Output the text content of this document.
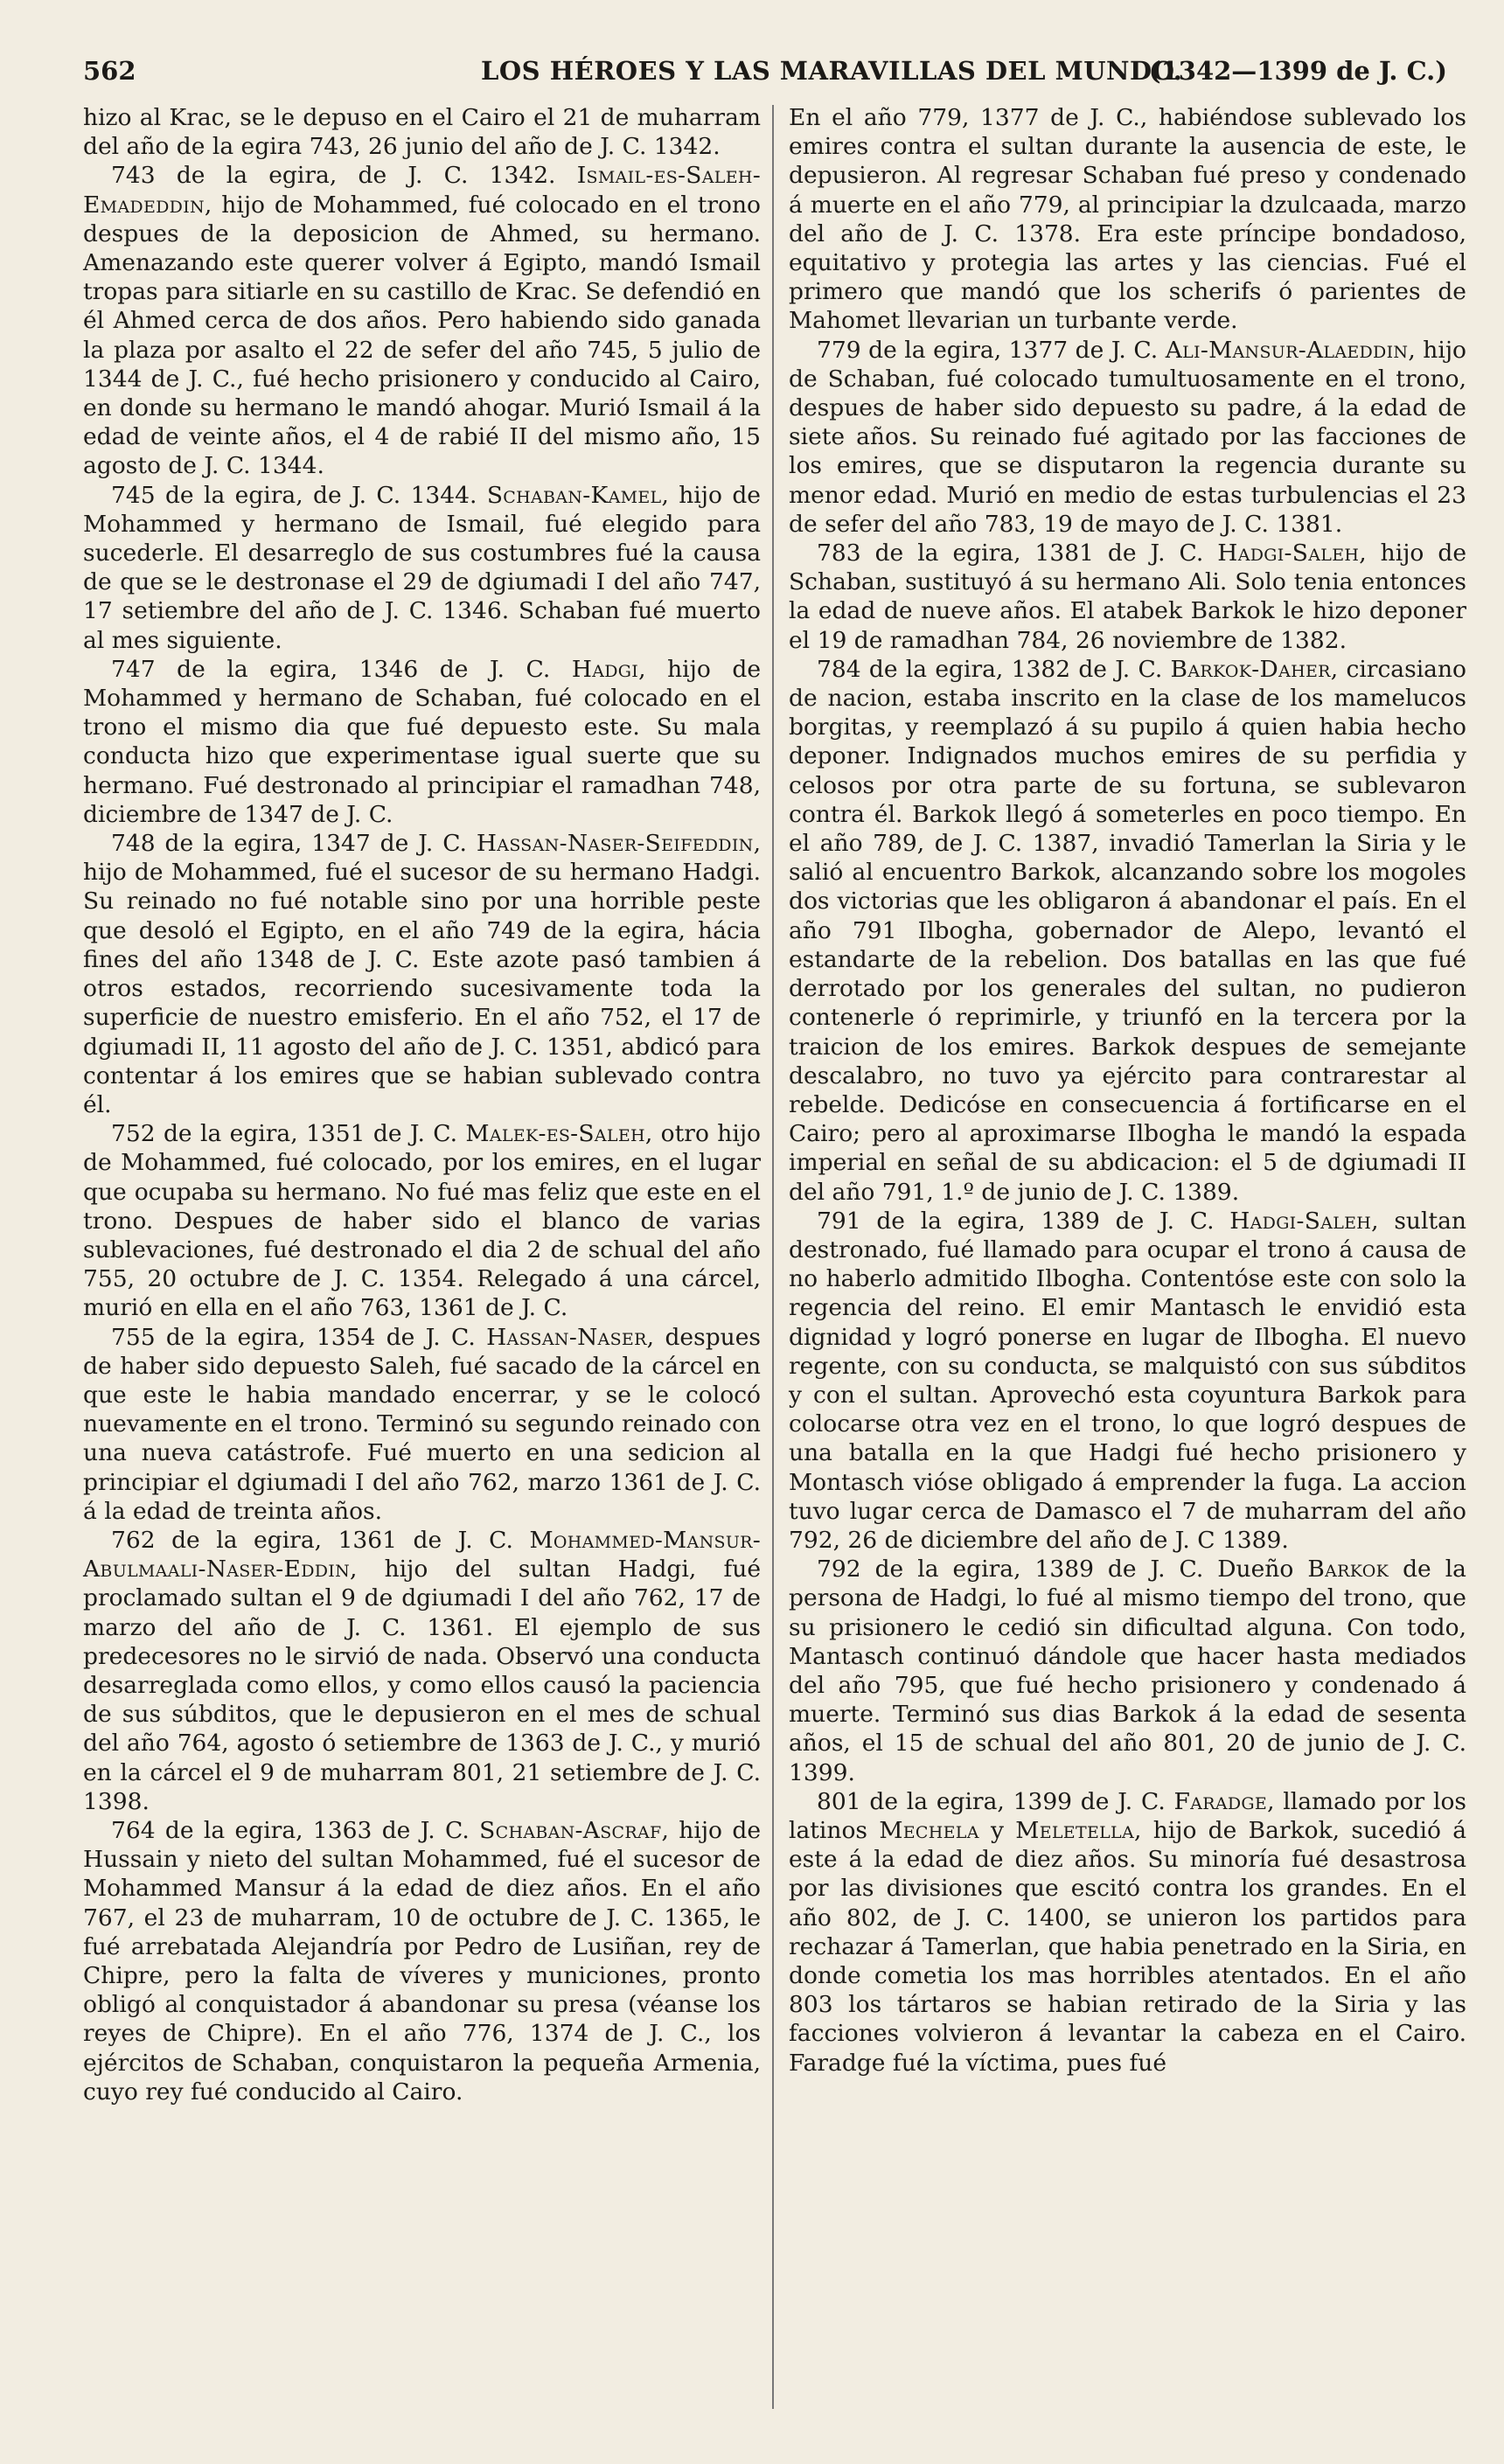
562	LOS HÉROES Y LAS MARAVILLAS DEL MUNDO.
(1342—1399 de J. C.)

hizo al Krac, se le depuso en el Cairo el 21 de muharram del año de la egira 743, 26 junio del año de J. C. 1342.

743 de la egira, de J. C. 1342. Ismail-es-Saleh-Emadeddin, hijo de Mohammed, fué colocado en el trono despues de la deposicion de Ahmed, su hermano. Amenazando este querer volver á Egipto, mandó Ismail tropas para sitiarle en su castillo de Krac. Se defendió en él Ahmed cerca de dos años. Pero habiendo sido ganada la plaza por asalto el 22 de sefer del año 745, 5 julio de 1344 de J. C., fué hecho prisionero y conducido al Cairo, en donde su hermano le mandó ahogar. Murió Ismail á la edad de veinte años, el 4 de rabié II del mismo año, 15 agosto de J. C. 1344.

745 de la egira, de J. C. 1344. Schaban-Kamel, hijo de Mohammed y hermano de Ismail, fué elegido para sucederle. El desarreglo de sus costumbres fué la causa de que se le destronase el 29 de dgiumadi I del año 747, 17 setiembre del año de J. C. 1346. Schaban fué muerto al mes siguiente.

747 de la egira, 1346 de J. C. Hadgi, hijo de Mohammed y hermano de Schaban, fué colocado en el trono el mismo dia que fué depuesto este. Su mala conducta hizo que experimentase igual suerte que su hermano. Fué destronado al principiar el ramadhan 748, diciembre de 1347 de J. C.

748 de la egira, 1347 de J. C. Hassan-Naser-Seifeddin, hijo de Mohammed, fué el sucesor de su hermano Hadgi. Su reinado no fué notable sino por una horrible peste que desoló el Egipto, en el año 749 de la egira, hácia fines del año 1348 de J. C. Este azote pasó tambien á otros estados, recorriendo sucesivamente toda la superficie de nuestro emisferio. En el año 752, el 17 de dgiumadi II, 11 agosto del año de J. C. 1351, abdicó para contentar á los emires que se habian sublevado contra él.

752 de la egira, 1351 de J. C. Malek-es-Saleh, otro hijo de Mohammed, fué colocado, por los emires, en el lugar que ocupaba su hermano. No fué mas feliz que este en el trono. Despues de haber sido el blanco de varias sublevaciones, fué destronado el dia 2 de schual del año 755, 20 octubre de J. C. 1354. Relegado á una cárcel, murió en ella en el año 763, 1361 de J. C.

755 de la egira, 1354 de J. C. Hassan-Naser, despues de haber sido depuesto Saleh, fué sacado de la cárcel en que este le habia mandado encerrar, y se le colocó nuevamente en el trono. Terminó su segundo reinado con una nueva catástrofe. Fué muerto en una sedicion al principiar el dgiumadi I del año 762, marzo 1361 de J. C. á la edad de treinta años.

762 de la egira, 1361 de J. C. Mohammed-Mansur-Abulmaali-Naser-Eddin, hijo del sultan Hadgi, fué proclamado sultan el 9 de dgiumadi I del año 762, 17 de marzo del año de J. C. 1361. El ejemplo de sus predecesores no le sirvió de nada. Observó una conducta desarreglada como ellos, y como ellos causó la paciencia de sus súbditos, que le depusieron en el mes de schual del año 764, agosto ó setiembre de 1363 de J. C., y murió en la cárcel el 9 de muharram 801, 21 setiembre de J. C. 1398.

764 de la egira, 1363 de J. C. Schaban-Ascraf, hijo de Hussain y nieto del sultan Mohammed, fué el sucesor de Mohammed Mansur á la edad de diez años. En el año 767, el 23 de muharram, 10 de octubre de J. C. 1365, le fué arrebatada Alejandría por Pedro de Lusiñan, rey de Chipre, pero la falta de víveres y municiones, pronto obligó al conquistador á abandonar su presa (véanse los reyes de Chipre). En el año 776, 1374 de J. C., los ejércitos de Schaban, conquistaron la pequeña Armenia, cuyo rey fué conducido al Cairo.

En el año 779, 1377 de J. C., habiéndose sublevado los emires contra el sultan durante la ausencia de este, le depusieron. Al regresar Schaban fué preso y condenado á muerte en el año 779, al principiar la dzulcaada, marzo del año de J. C. 1378. Era este príncipe bondadoso, equitativo y protegia las artes y las ciencias. Fué el primero que mandó que los scherifs ó parientes de Mahomet llevarian un turbante verde.

779 de la egira, 1377 de J. C. Ali-Mansur-Alaeddin, hijo de Schaban, fué colocado tumultuosamente en el trono, despues de haber sido depuesto su padre, á la edad de siete años. Su reinado fué agitado por las facciones de los emires, que se disputaron la regencia durante su menor edad. Murió en medio de estas turbulencias el 23 de sefer del año 783, 19 de mayo de J. C. 1381.

783 de la egira, 1381 de J. C. Hadgi-Saleh, hijo de Schaban, sustituyó á su hermano Ali. Solo tenia entonces la edad de nueve años. El atabek Barkok le hizo deponer el 19 de ramadhan 784, 26 noviembre de 1382.

784 de la egira, 1382 de J. C. Barkok-Daher, circasiano de nacion, estaba inscrito en la clase de los mamelucos borgitas, y reemplazó á su pupilo á quien habia hecho deponer. Indignados muchos emires de su perfidia y celosos por otra parte de su fortuna, se sublevaron contra él. Barkok llegó á someterles en poco tiempo. En el año 789, de J. C. 1387, invadió Tamerlan la Siria y le salió al encuentro Barkok, alcanzando sobre los mogoles dos victorias que les obligaron á abandonar el país. En el año 791 Ilbogha, gobernador de Alepo, levantó el estandarte de la rebelion. Dos batallas en las que fué derrotado por los generales del sultan, no pudieron contenerle ó reprimirle, y triunfó en la tercera por la traicion de los emires. Barkok despues de semejante descalabro, no tuvo ya ejército para contrarestar al rebelde. Dedicóse en consecuencia á fortificarse en el Cairo; pero al aproximarse Ilbogha le mandó la espada imperial en señal de su abdicacion: el 5 de dgiumadi II del año 791, 1.º de junio de J. C. 1389.

791 de la egira, 1389 de J. C. Hadgi-Saleh, sultan destronado, fué llamado para ocupar el trono á causa de no haberlo admitido Ilbogha. Contentóse este con solo la regencia del reino. El emir Mantasch le envidió esta dignidad y logró ponerse en lugar de Ilbogha. El nuevo regente, con su conducta, se malquistó con sus súbditos y con el sultan. Aprovechó esta coyuntura Barkok para colocarse otra vez en el trono, lo que logró despues de una batalla en la que Hadgi fué hecho prisionero y Montasch vióse obligado á emprender la fuga. La accion tuvo lugar cerca de Damasco el 7 de muharram del año 792, 26 de diciembre del año de J. C 1389.

792 de la egira, 1389 de J. C. Dueño Barkok de la persona de Hadgi, lo fué al mismo tiempo del trono, que su prisionero le cedió sin dificultad alguna. Con todo, Mantasch continuó dándole que hacer hasta mediados del año 795, que fué hecho prisionero y condenado á muerte. Terminó sus dias Barkok á la edad de sesenta años, el 15 de schual del año 801, 20 de junio de J. C. 1399.

801 de la egira, 1399 de J. C. Faradge, llamado por los latinos Mechela y Meletella, hijo de Barkok, sucedió á este á la edad de diez años. Su minoría fué desastrosa por las divisiones que escitó contra los grandes. En el año 802, de J. C. 1400, se unieron los partidos para rechazar á Tamerlan, que habia penetrado en la Siria, en donde cometia los mas horribles atentados. En el año 803 los tártaros se habian retirado de la Siria y las facciones volvieron á levantar la cabeza en el Cairo. Faradge fué la víctima, pues fué
